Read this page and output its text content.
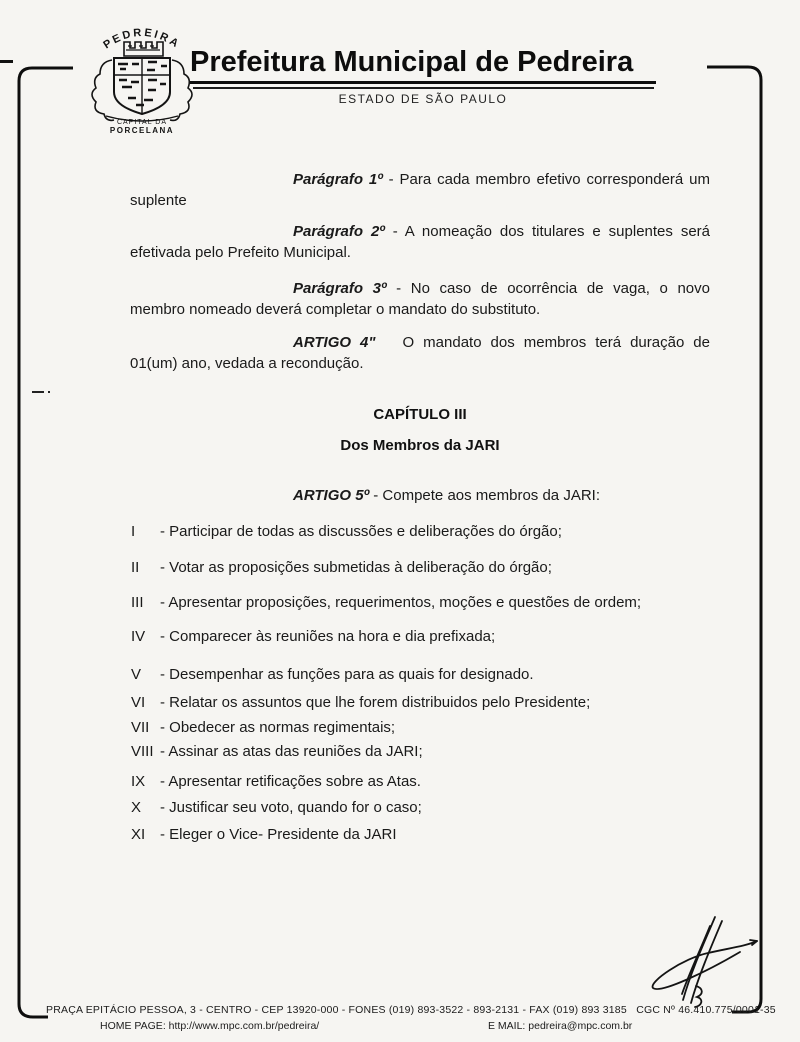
PEDREIRA
CAPITAL DA
PORCELANA
Prefeitura Municipal de Pedreira
ESTADO DE SÃO PAULO

Parágrafo 1º - Para cada membro efetivo corresponderá um suplente

Parágrafo 2º - A nomeação dos titulares e suplentes será efetivada pelo Prefeito Municipal.

Parágrafo 3º - No caso de ocorrência de vaga, o novo membro nomeado deverá completar o mandato do substituto.

ARTIGO 4" O mandato dos membros terá duração de 01(um) ano, vedada a recondução.

CAPÍTULO III
Dos Membros da JARI

ARTIGO 5º - Compete aos membros da JARI:

I	- Participar de todas as discussões e deliberações do órgão;
II	- Votar as proposições submetidas à deliberação do órgão;
III	- Apresentar proposições, requerimentos, moções e questões de ordem;
IV - Comparecer às reuniões na hora e dia prefixada;
V	- Desempenhar as funções para as quais for designado.
VI - Relatar os assuntos que lhe forem distribuidos pelo Presidente;
VII - Obedecer as normas regimentais;
VIII - Assinar as atas das reuniões da JARI;
IX - Apresentar retificações sobre as Atas.
X	- Justificar seu voto, quando for o caso;
XI - Eleger o Vice- Presidente da JARI
PRAÇA EPITÁCIO PESSOA, 3 - CENTRO - CEP 13920-000 - FONES (019) 893-3522 - 893-2131 - FAX (019) 893 3185   CGC Nº 46.410.775/0001-35
HOME PAGE: http://www.mpc.com.br/pedreira/	E MAIL: pedreira@mpc.com.br
